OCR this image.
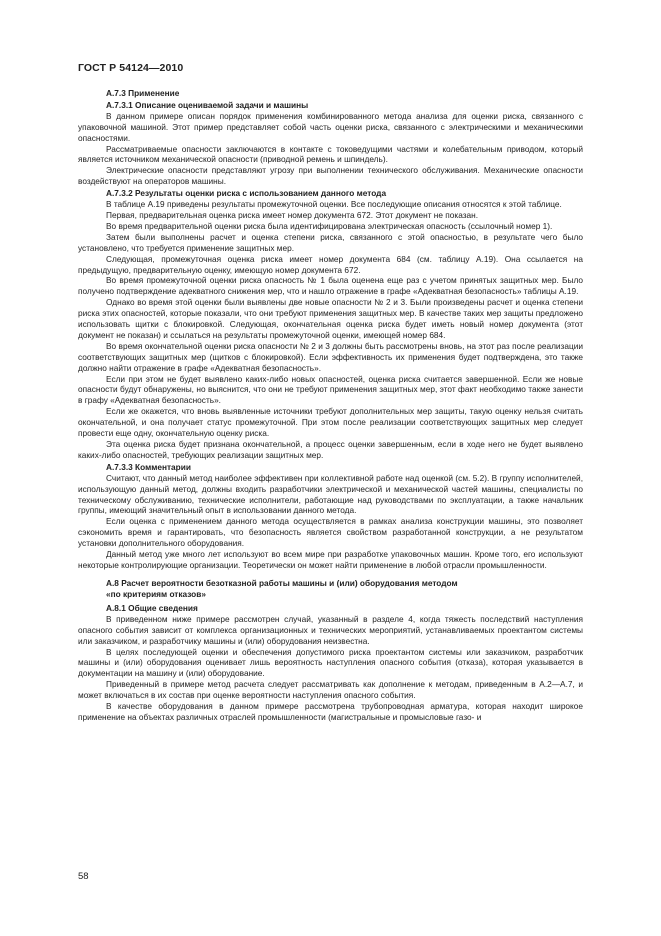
ГОСТ Р 54124—2010

А.7.3 Применение

А.7.3.1 Описание оцениваемой задачи и машины

В данном примере описан порядок применения комбинированного метода анализа для оценки риска, связанного с упаковочной машиной. Этот пример представляет собой часть оценки риска, связанного с электрическими и механическими опасностями.

Рассматриваемые опасности заключаются в контакте с токоведущими частями и колебательным приводом, который является источником механической опасности (приводной ремень и шпиндель).

Электрические опасности представляют угрозу при выполнении технического обслуживания. Механические опасности воздействуют на операторов машины.

А.7.3.2 Результаты оценки риска с использованием данного метода

В таблице А.19 приведены результаты промежуточной оценки. Все последующие описания относятся к этой таблице.

Первая, предварительная оценка риска имеет номер документа 672. Этот документ не показан.

Во время предварительной оценки риска была идентифицирована электрическая опасность (ссылочный номер 1).

Затем были выполнены расчет и оценка степени риска, связанного с этой опасностью, в результате чего было установлено, что требуется применение защитных мер.

Следующая, промежуточная оценка риска имеет номер документа 684 (см. таблицу А.19). Она ссылается на предыдущую, предварительную оценку, имеющую номер документа 672.

Во время промежуточной оценки риска опасность № 1 была оценена еще раз с учетом принятых защитных мер. Было получено подтверждение адекватного снижения мер, что и нашло отражение в графе «Адекватная безопасность» таблицы А.19.

Однако во время этой оценки были выявлены две новые опасности № 2 и 3. Были произведены расчет и оценка степени риска этих опасностей, которые показали, что они требуют применения защитных мер. В качестве таких мер защиты предложено использовать щитки с блокировкой. Следующая, окончательная оценка риска будет иметь новый номер документа (этот документ не показан) и ссылаться на результаты промежуточной оценки, имеющей номер 684.

Во время окончательной оценки риска опасности № 2 и 3 должны быть рассмотрены вновь, на этот раз после реализации соответствующих защитных мер (щитков с блокировкой). Если эффективность их применения будет подтверждена, это также должно найти отражение в графе «Адекватная безопасность».

Если при этом не будет выявлено каких-либо новых опасностей, оценка риска считается завершенной. Если же новые опасности будут обнаружены, но выяснится, что они не требуют применения защитных мер, этот факт необходимо также занести в графу «Адекватная безопасность».

Если же окажется, что вновь выявленные источники требуют дополнительных мер защиты, такую оценку нельзя считать окончательной, и она получает статус промежуточной. При этом после реализации соответствующих защитных мер следует провести еще одну, окончательную оценку риска.

Эта оценка риска будет признана окончательной, а процесс оценки завершенным, если в ходе него не будет выявлено каких-либо опасностей, требующих реализации защитных мер.

А.7.3.3 Комментарии

Считают, что данный метод наиболее эффективен при коллективной работе над оценкой (см. 5.2). В группу исполнителей, использующую данный метод, должны входить разработчики электрической и механической частей машины, специалисты по техническому обслуживанию, технические исполнители, работающие над руководствами по эксплуатации, а также начальник группы, имеющий значительный опыт в использовании данного метода.

Если оценка с применением данного метода осуществляется в рамках анализа конструкции машины, это позволяет сэкономить время и гарантировать, что безопасность является свойством разработанной конструкции, а не результатом установки дополнительного оборудования.

Данный метод уже много лет используют во всем мире при разработке упаковочных машин. Кроме того, его используют некоторые контролирующие организации. Теоретически он может найти применение в любой отрасли промышленности.

А.8 Расчет вероятности безотказной работы машины и (или) оборудования методом
«по критериям отказов»

А.8.1 Общие сведения

В приведенном ниже примере рассмотрен случай, указанный в разделе 4, когда тяжесть последствий наступления опасного события зависит от комплекса организационных и технических мероприятий, устанавливаемых проектантом системы или заказчиком, и разработчику машины и (или) оборудования неизвестна.

В целях последующей оценки и обеспечения допустимого риска проектантом системы или заказчиком, разработчик машины и (или) оборудования оценивает лишь вероятность наступления опасного события (отказа), которая указывается в документации на машину и (или) оборудование.

Приведенный в примере метод расчета следует рассматривать как дополнение к методам, приведенным в А.2—А.7, и может включаться в их состав при оценке вероятности наступления опасного события.

В качестве оборудования в данном примере рассмотрена трубопроводная арматура, которая находит широкое применение на объектах различных отраслей промышленности (магистральные и промысловые газо- и

58
